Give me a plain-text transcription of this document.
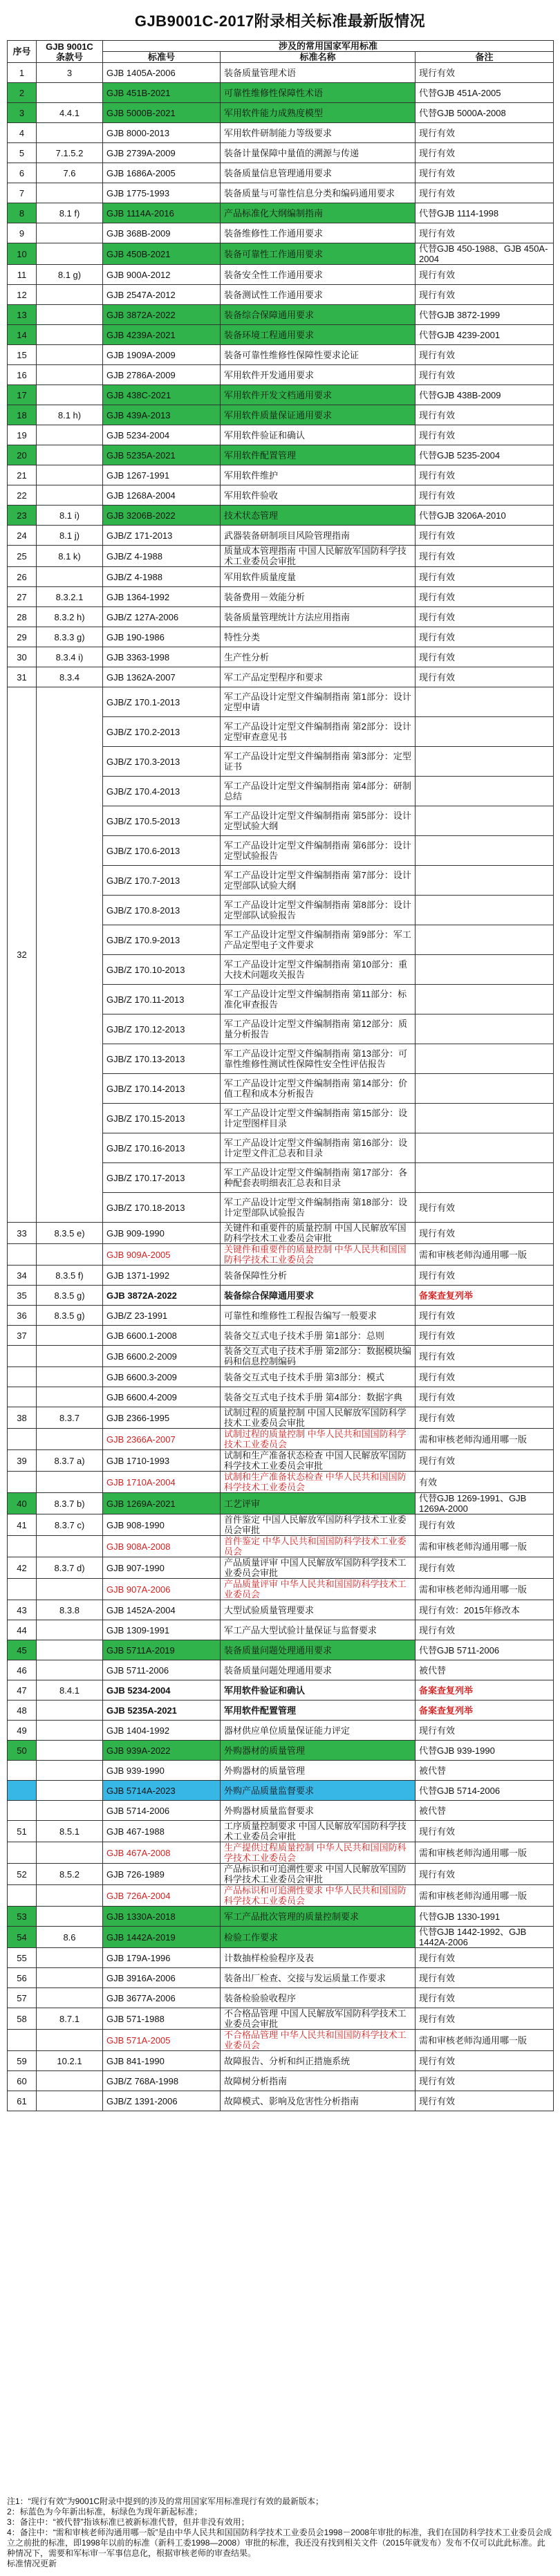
GJB9001C-2017附录相关标准最新版情况
序号	GJB 9001C 条款号	涉及的常用国家军用标准		
		标准号	标准名称	备注
1	3	GJB 1405A-2006	装备质量管理术语	现行有效
2		GJB 451B-2021	可靠性维修性保障性术语	代替GJB 451A-2005
3	4.4.1	GJB 5000B-2021	军用软件能力成熟度模型	代替GJB 5000A-2008
4		GJB 8000-2013	军用软件研制能力等级要求	现行有效
5	7.1.5.2	GJB 2739A-2009	装备计量保障中量值的溯源与传递	现行有效
6	7.6	GJB 1686A-2005	装备质量信息管理通用要求	现行有效
7		GJB 1775-1993	装备质量与可靠性信息分类和编码通用要求	现行有效
8	8.1 f)	GJB 1114A-2016	产品标准化大纲编制指南	代替GJB 1114-1998
9		GJB 368B-2009	装备维修性工作通用要求	现行有效
10		GJB 450B-2021	装备可靠性工作通用要求	代替GJB 450-1988、GJB 450A-2004
11	8.1 g)	GJB 900A-2012	装备安全性工作通用要求	现行有效
12		GJB 2547A-2012	装备测试性工作通用要求	现行有效
13		GJB 3872A-2022	装备综合保障通用要求	代替GJB 3872-1999
14		GJB 4239A-2021	装备环境工程通用要求	代替GJB 4239-2001
15		GJB 1909A-2009	装备可靠性维修性保障性要求论证	现行有效
16		GJB 2786A-2009	军用软件开发通用要求	现行有效
17		GJB 438C-2021	军用软件开发文档通用要求	代替GJB 438B-2009
18	8.1 h)	GJB 439A-2013	军用软件质量保证通用要求	现行有效
19		GJB 5234-2004	军用软件验证和确认	现行有效
20		GJB 5235A-2021	军用软件配置管理	代替GJB 5235-2004
21		GJB 1267-1991	军用软件维护	现行有效
22		GJB 1268A-2004	军用软件验收	现行有效
23	8.1 i)	GJB 3206B-2022	技术状态管理	代替GJB 3206A-2010
24	8.1 j)	GJB/Z 171-2013	武器装备研制项目风险管理指南	现行有效
25	8.1 k)	GJB/Z 4-1988	质量成本管理指南 中国人民解放军国防科学技术工业委员会审批	现行有效
26		GJB/Z 4-1988	军用软件质量度量	现行有效
27	8.3.2.1	GJB 1364-1992	装备费用－效能分析	现行有效
28	8.3.2 h)	GJB/Z 127A-2006	装备质量管理统计方法应用指南	现行有效
29	8.3.3 g)	GJB 190-1986	特性分类	现行有效
30	8.3.4 i)	GJB 3363-1998	生产性分析	现行有效
31	8.3.4	GJB 1362A-2007	军工产品定型程序和要求	现行有效
32		GJB/Z 170.1-2013	军工产品设计定型文件编制指南 第1部分：设计定型申请	
		GJB/Z 170.2-2013	军工产品设计定型文件编制指南 第2部分：设计定型审查意见书	
		GJB/Z 170.3-2013	军工产品设计定型文件编制指南 第3部分：定型证书	
		GJB/Z 170.4-2013	军工产品设计定型文件编制指南 第4部分：研制总结	
		GJB/Z 170.5-2013	军工产品设计定型文件编制指南 第5部分：设计定型试验大纲	
		GJB/Z 170.6-2013	军工产品设计定型文件编制指南 第6部分：设计定型试验报告	
		GJB/Z 170.7-2013	军工产品设计定型文件编制指南 第7部分：设计定型部队试验大纲	
		GJB/Z 170.8-2013	军工产品设计定型文件编制指南 第8部分：设计定型部队试验报告	
		GJB/Z 170.9-2013	军工产品设计定型文件编制指南 第9部分：军工产品定型电子文件要求	
		GJB/Z 170.10-2013	军工产品设计定型文件编制指南 第10部分：重大技术问题攻关报告	
		GJB/Z 170.11-2013	军工产品设计定型文件编制指南 第11部分：标准化审查报告	
		GJB/Z 170.12-2013	军工产品设计定型文件编制指南 第12部分：质量分析报告	
		GJB/Z 170.13-2013	军工产品设计定型文件编制指南 第13部分：可靠性维修性测试性保障性安全性评估报告	
		GJB/Z 170.14-2013	军工产品设计定型文件编制指南 第14部分：价值工程和成本分析报告	
		GJB/Z 170.15-2013	军工产品设计定型文件编制指南 第15部分：设计定型图样目录	
		GJB/Z 170.16-2013	军工产品设计定型文件编制指南 第16部分：设计定型文件汇总表和目录	
		GJB/Z 170.17-2013	军工产品设计定型文件编制指南 第17部分：各种配套表明细表汇总表和目录	
		GJB/Z 170.18-2013	军工产品设计定型文件编制指南 第18部分：设计定型部队试验报告	现行有效
33	8.3.5 e)	GJB 909-1990	关键件和重要件的质量控制 中国人民解放军国防科学技术工业委员会审批	现行有效
		GJB 909A-2005	关键件和重要件的质量控制 中华人民共和国国防科学技术工业委员会	需和审核老师沟通用哪一版
34	8.3.5 f)	GJB 1371-1992	装备保障性分析	现行有效
35	8.3.5 g)	GJB 3872A-2022	装备综合保障通用要求	备案查复列举
36	8.3.5 g)	GJB/Z 23-1991	可靠性和维修性工程报告编写一般要求	现行有效
37		GJB 6600.1-2008	装备交互式电子技术手册 第1部分：总则	现行有效
		GJB 6600.2-2009	装备交互式电子技术手册 第2部分：数据模块编码和信息控制编码	现行有效
		GJB 6600.3-2009	装备交互式电子技术手册 第3部分：模式	现行有效
		GJB 6600.4-2009	装备交互式电子技术手册 第4部分：数据字典	现行有效
38	8.3.7	GJB 2366-1995	试制过程的质量控制 中国人民解放军国防科学技术工业委员会审批	现行有效
		GJB 2366A-2007	试制过程的质量控制 中华人民共和国国防科学技术工业委员会	需和审核老师沟通用哪一版
39	8.3.7 a)	GJB 1710-1993	试制和生产准备状态检查 中国人民解放军国防科学技术工业委员会审批	现行有效
		GJB 1710A-2004	试制和生产准备状态检查 中华人民共和国国防科学技术工业委员会	有效
40	8.3.7 b)	GJB 1269A-2021	工艺评审	代替GJB 1269-1991、GJB 1269A-2000
41	8.3.7 c)	GJB 908-1990	首件鉴定 中国人民解放军国防科学技术工业委员会审批	现行有效
		GJB 908A-2008	首件鉴定 中华人民共和国国防科学技术工业委员会	需和审核老师沟通用哪一版
42	8.3.7 d)	GJB 907-1990	产品质量评审 中国人民解放军国防科学技术工业委员会审批	现行有效
		GJB 907A-2006	产品质量评审 中华人民共和国国防科学技术工业委员会	需和审核老师沟通用哪一版
43	8.3.8	GJB 1452A-2004	大型试验质量管理要求	现行有效：2015年修改本
44		GJB 1309-1991	军工产品大型试验计量保证与监督要求	现行有效
45		GJB 5711A-2019	装备质量问题处理通用要求	代替GJB 5711-2006
46		GJB 5711-2006	装备质量问题处理通用要求	被代替
47	8.4.1	GJB 5234-2004	军用软件验证和确认	备案查复列举
48		GJB 5235A-2021	军用软件配置管理	备案查复列举
49		GJB 1404-1992	器材供应单位质量保证能力评定	现行有效
50		GJB 939A-2022	外购器材的质量管理	代替GJB 939-1990
		GJB 939-1990	外购器材的质量管理	被代替
		GJB 5714A-2023	外购产品质量监督要求	代替GJB 5714-2006
		GJB 5714-2006	外购器材质量监督要求	被代替
51	8.5.1	GJB 467-1988	工序质量控制要求 中国人民解放军国防科学技术工业委员会审批	现行有效
		GJB 467A-2008	生产提供过程质量控制 中华人民共和国国防科学技术工业委员会	需和审核老师沟通用哪一版
52	8.5.2	GJB 726-1989	产品标识和可追溯性要求 中国人民解放军国防科学技术工业委员会审批	现行有效
		GJB 726A-2004	产品标识和可追溯性要求 中华人民共和国国防科学技术工业委员会	需和审核老师沟通用哪一版
53		GJB 1330A-2018	军工产品批次管理的质量控制要求	代替GJB 1330-1991
54	8.6	GJB 1442A-2019	检验工作要求	代替GJB 1442-1992、GJB 1442A-2006
55		GJB 179A-1996	计数抽样检验程序及表	现行有效
56		GJB 3916A-2006	装备出厂检查、交接与发运质量工作要求	现行有效
57		GJB 3677A-2006	装备检验验收程序	现行有效
58	8.7.1	GJB 571-1988	不合格品管理 中国人民解放军国防科学技术工业委员会审批	现行有效
		GJB 571A-2005	不合格品管理 中华人民共和国国防科学技术工业委员会	需和审核老师沟通用哪一版
59	10.2.1	GJB 841-1990	故障报告、分析和纠正措施系统	现行有效
60		GJB/Z 768A-1998	故障树分析指南	现行有效
61		GJB/Z 1391-2006	故障模式、影响及危害性分析指南	现行有效
注1：“现行有效”为9001C附录中提到的涉及的常用国家军用标准现行有效的最新版本；
2：标蓝色为今年新出标准，标绿色为现年新起标准；
3：备注中：“被代替”指该标准已被新标准代替，但并非没有效用；
4：备注中：“需和审核老师沟通用哪一版”是由中华人民共和国国防科学技术工业委员会1998－2008年审批的标准，我们在国防科学技术工业委员会成立之前批的标准，即1998年以前的标准（新科工委1998—2008）审批的标准，我还没有找到相关文件（2015年就发布）发布不仅可以此此标准。此种情况下，需要和军标审一军事信息化，根据审核老师的审查结果。
标准情况更新
